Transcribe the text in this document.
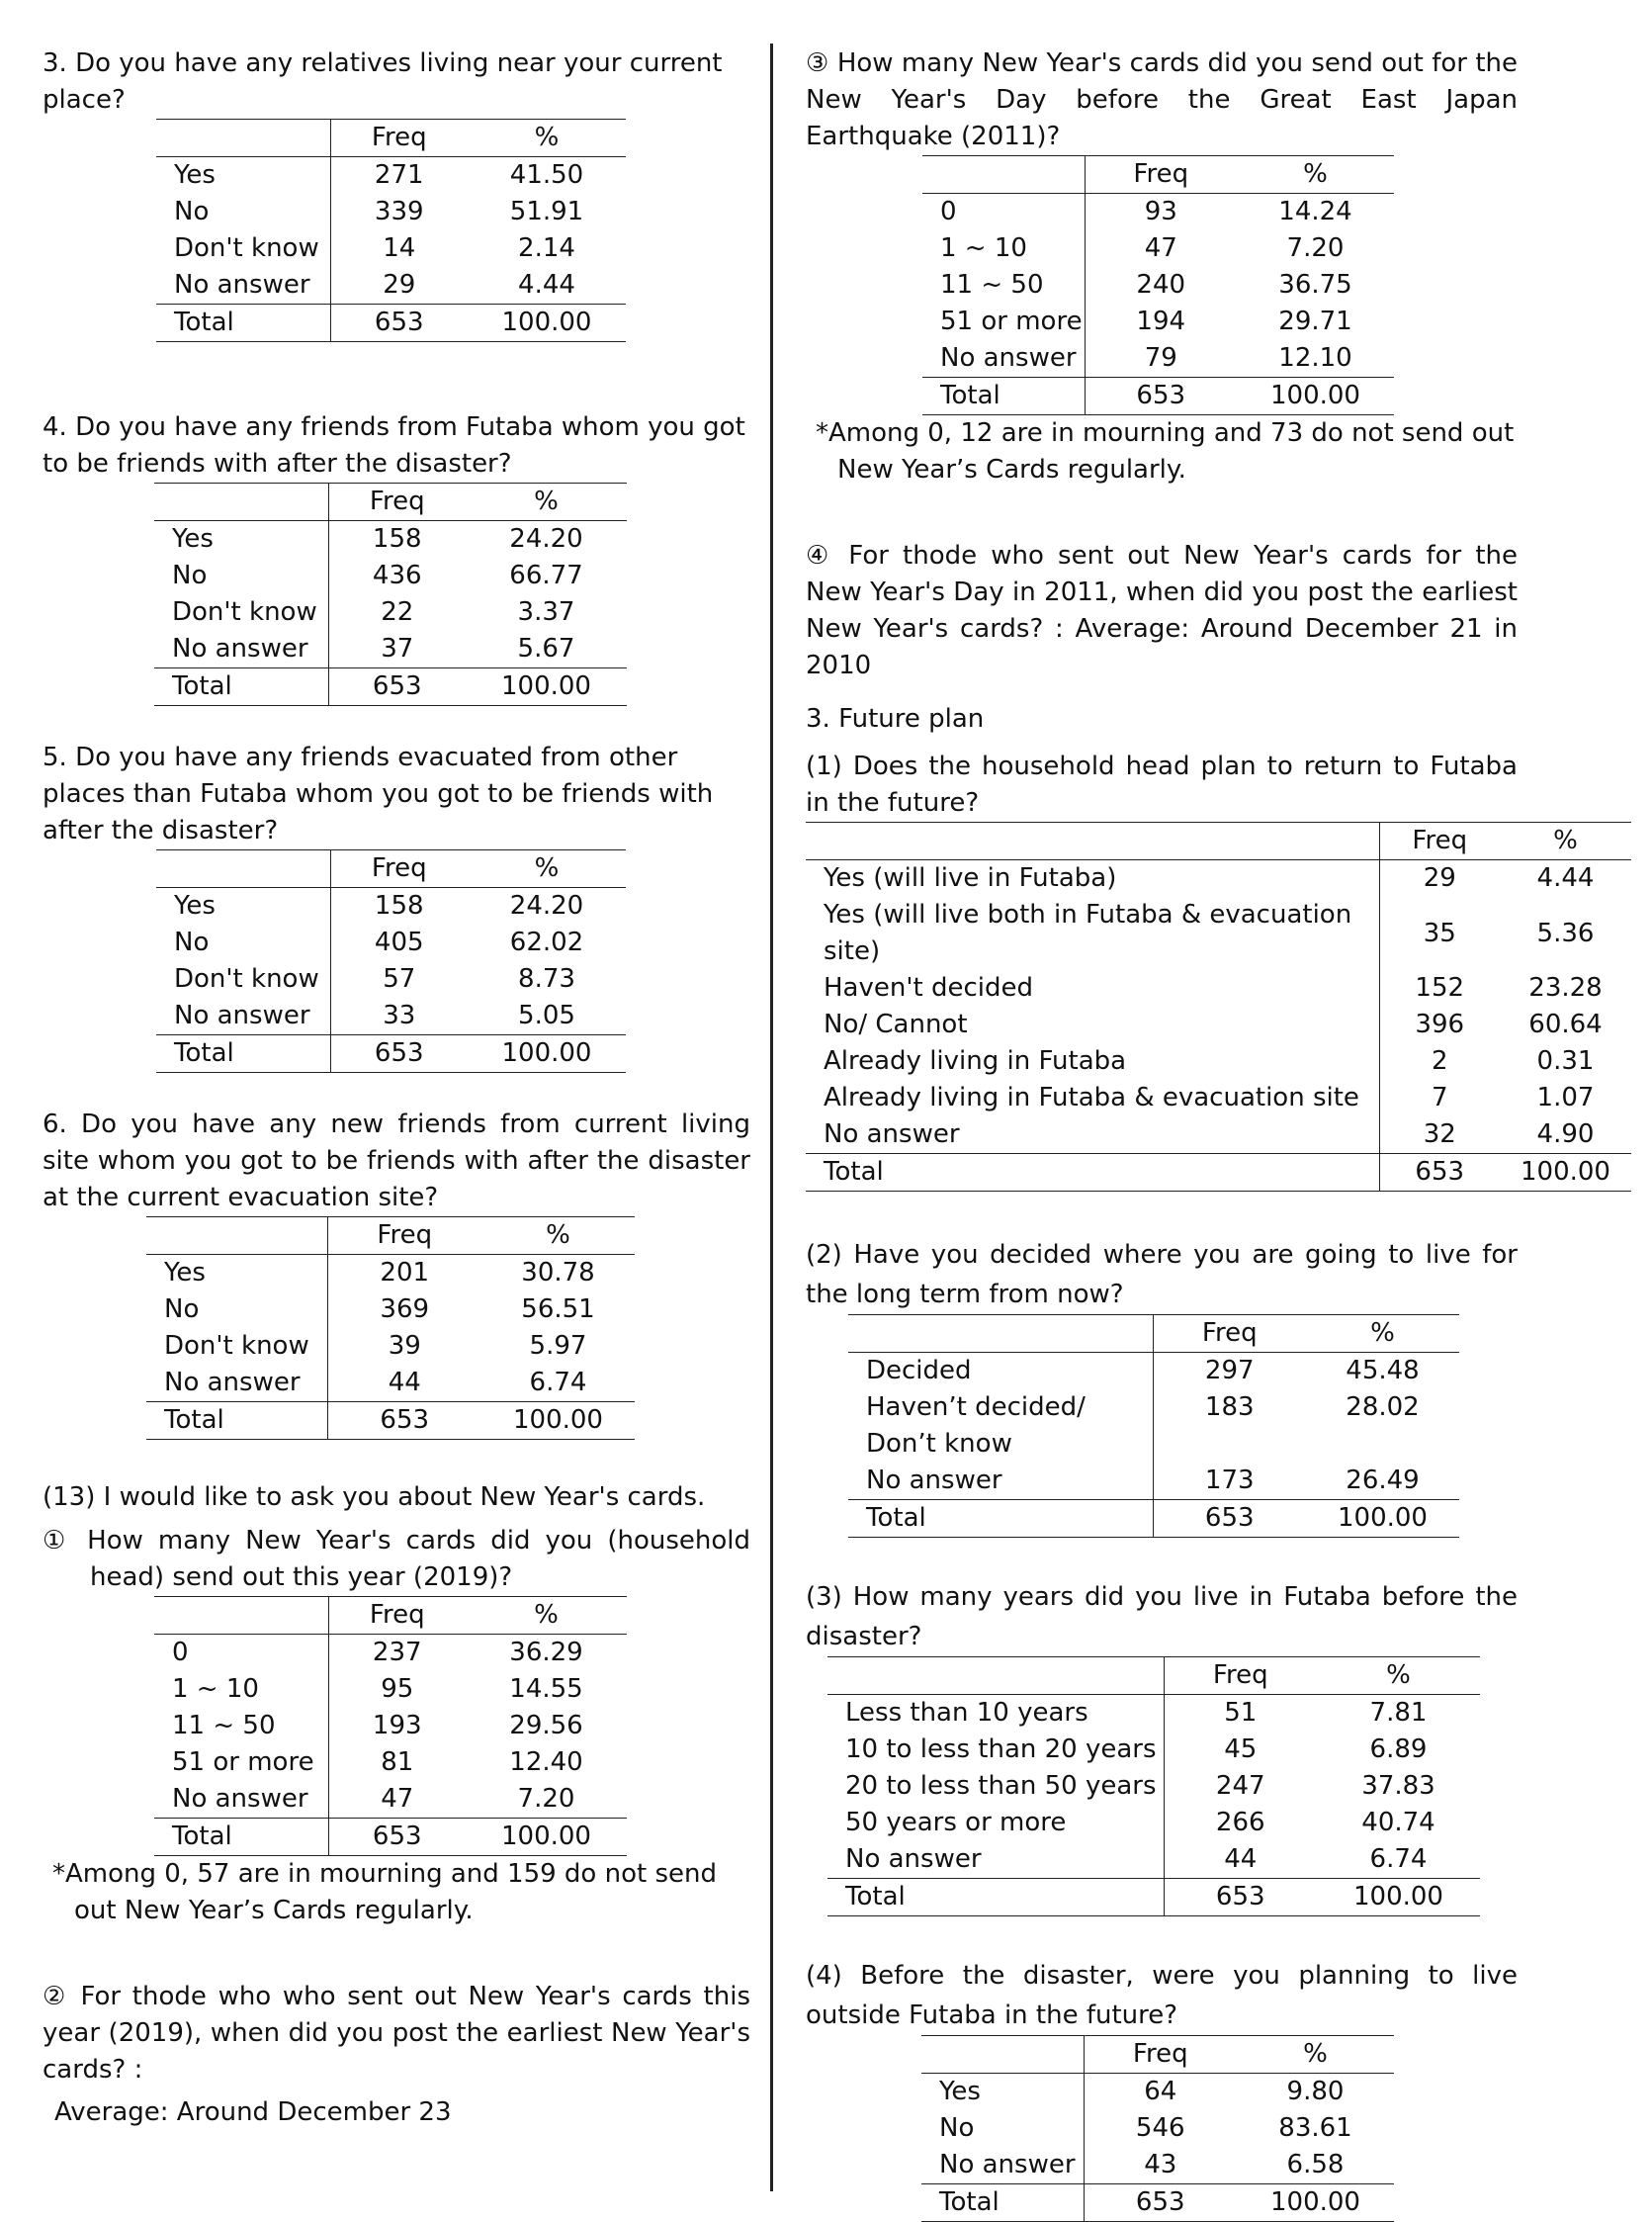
3. Do you have any relatives living near your current place?

	Freq	%
Yes	271	41.50
No	339	51.91
Don't know	14	2.14
No answer	29	4.44
Total	653	100.00

4. Do you have any friends from Futaba whom you got to be friends with after the disaster?

	Freq	%
Yes	158	24.20
No	436	66.77
Don't know	22	3.37
No answer	37	5.67
Total	653	100.00

5. Do you have any friends evacuated from other places than Futaba whom you got to be friends with after the disaster?

	Freq	%
Yes	158	24.20
No	405	62.02
Don't know	57	8.73
No answer	33	5.05
Total	653	100.00

6. Do you have any new friends from current living site whom you got to be friends with after the disaster at the current evacuation site?

	Freq	%
Yes	201	30.78
No	369	56.51
Don't know	39	5.97
No answer	44	6.74
Total	653	100.00

(13) I would like to ask you about New Year's cards.

① How many New Year's cards did you (household head) send out this year (2019)?

	Freq	%
0	237	36.29
1 ~ 10	95	14.55
11 ~ 50	193	29.56
51 or more	81	12.40
No answer	47	7.20
Total	653	100.00

*Among 0, 57 are in mourning and 159 do not send out New Year’s Cards regularly.

② For thode who who sent out New Year's cards this year (2019), when did you post the earliest New Year's cards? :

Average: Around December 23

③ How many New Year's cards did you send out for the New Year's Day before the Great East Japan Earthquake (2011)?

	Freq	%
0	93	14.24
1 ~ 10	47	7.20
11 ~ 50	240	36.75
51 or more	194	29.71
No answer	79	12.10
Total	653	100.00

*Among 0, 12 are in mourning and 73 do not send out New Year’s Cards regularly.

④ For thode who sent out New Year's cards for the New Year's Day in 2011, when did you post the earliest New Year's cards? : Average: Around December 21 in 2010

3. Future plan

(1) Does the household head plan to return to Futaba in the future?

	Freq	%
Yes (will live in Futaba)	29	4.44
Yes (will live both in Futaba & evacuation site)	35	5.36
Haven't decided	152	23.28
No/ Cannot	396	60.64
Already living in Futaba	2	0.31
Already living in Futaba & evacuation site	7	1.07
No answer	32	4.90
Total	653	100.00

(2) Have you decided where you are going to live for the long term from now?

	Freq	%
Decided	297	45.48
Haven’t decided/	183	28.02
Don’t know		
No answer	173	26.49
Total	653	100.00

(3) How many years did you live in Futaba before the disaster?

	Freq	%
Less than 10 years	51	7.81
10 to less than 20 years	45	6.89
20 to less than 50 years	247	37.83
50 years or more	266	40.74
No answer	44	6.74
Total	653	100.00

(4) Before the disaster, were you planning to live outside Futaba in the future?

	Freq	%
Yes	64	9.80
No	546	83.61
No answer	43	6.58
Total	653	100.00
